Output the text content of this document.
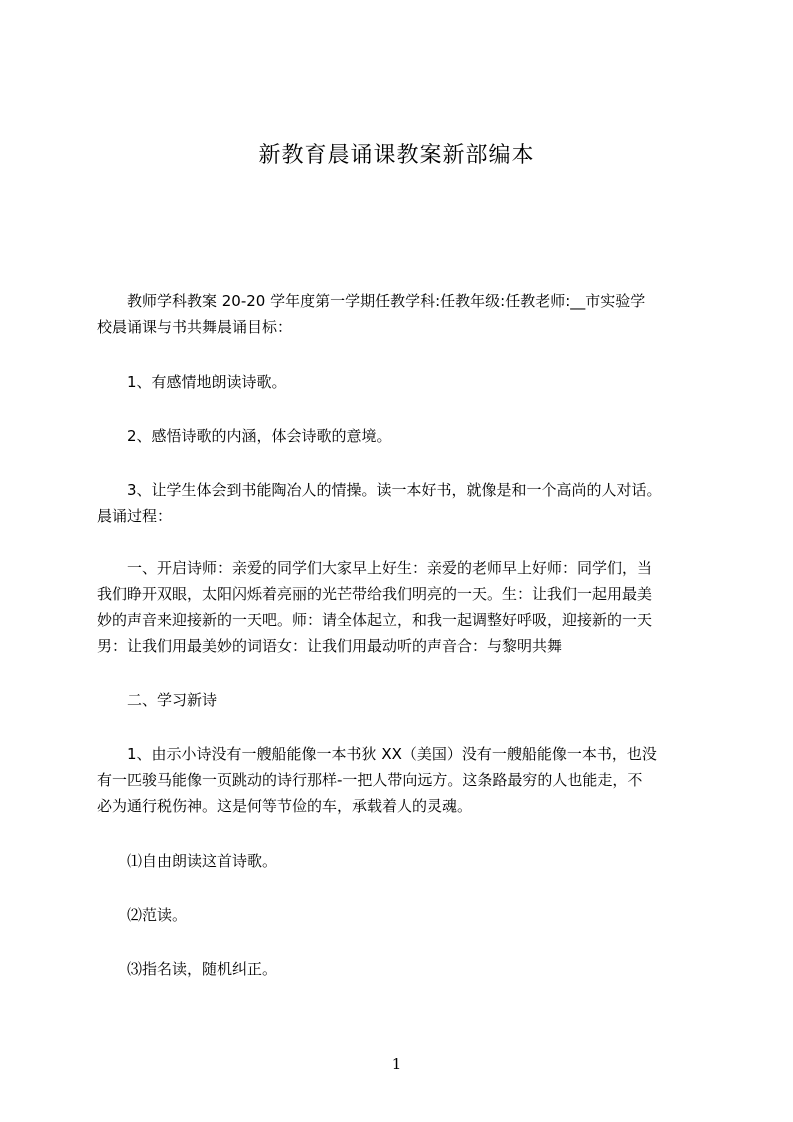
新教育晨诵课教案新部编本
　　教师学科教案 20-20 学年度第一学期任教学科:任教年级:任教老师:__市实验学
校晨诵课与书共舞晨诵目标：
　　1、有感情地朗读诗歌。
　　2、感悟诗歌的内涵，体会诗歌的意境。
　　3、让学生体会到书能陶冶人的情操。读一本好书，就像是和一个高尚的人对话。
晨诵过程：
　　一、开启诗师：亲爱的同学们大家早上好生：亲爱的老师早上好师：同学们，当
我们睁开双眼，太阳闪烁着亮丽的光芒带给我们明亮的一天。生：让我们一起用最美
妙的声音来迎接新的一天吧。师：请全体起立，和我一起调整好呼吸，迎接新的一天
男：让我们用最美妙的词语女：让我们用最动听的声音合：与黎明共舞
　　二、学习新诗
　　1、由示小诗没有一艘船能像一本书狄 XX（美国）没有一艘船能像一本书，也没
有一匹骏马能像一页跳动的诗行那样-一把人带向远方。这条路最穷的人也能走，不
必为通行税伤神。这是何等节俭的车，承载着人的灵魂。
　　⑴自由朗读这首诗歌。
　　⑵范读。
　　⑶指名读，随机纠正。
1
